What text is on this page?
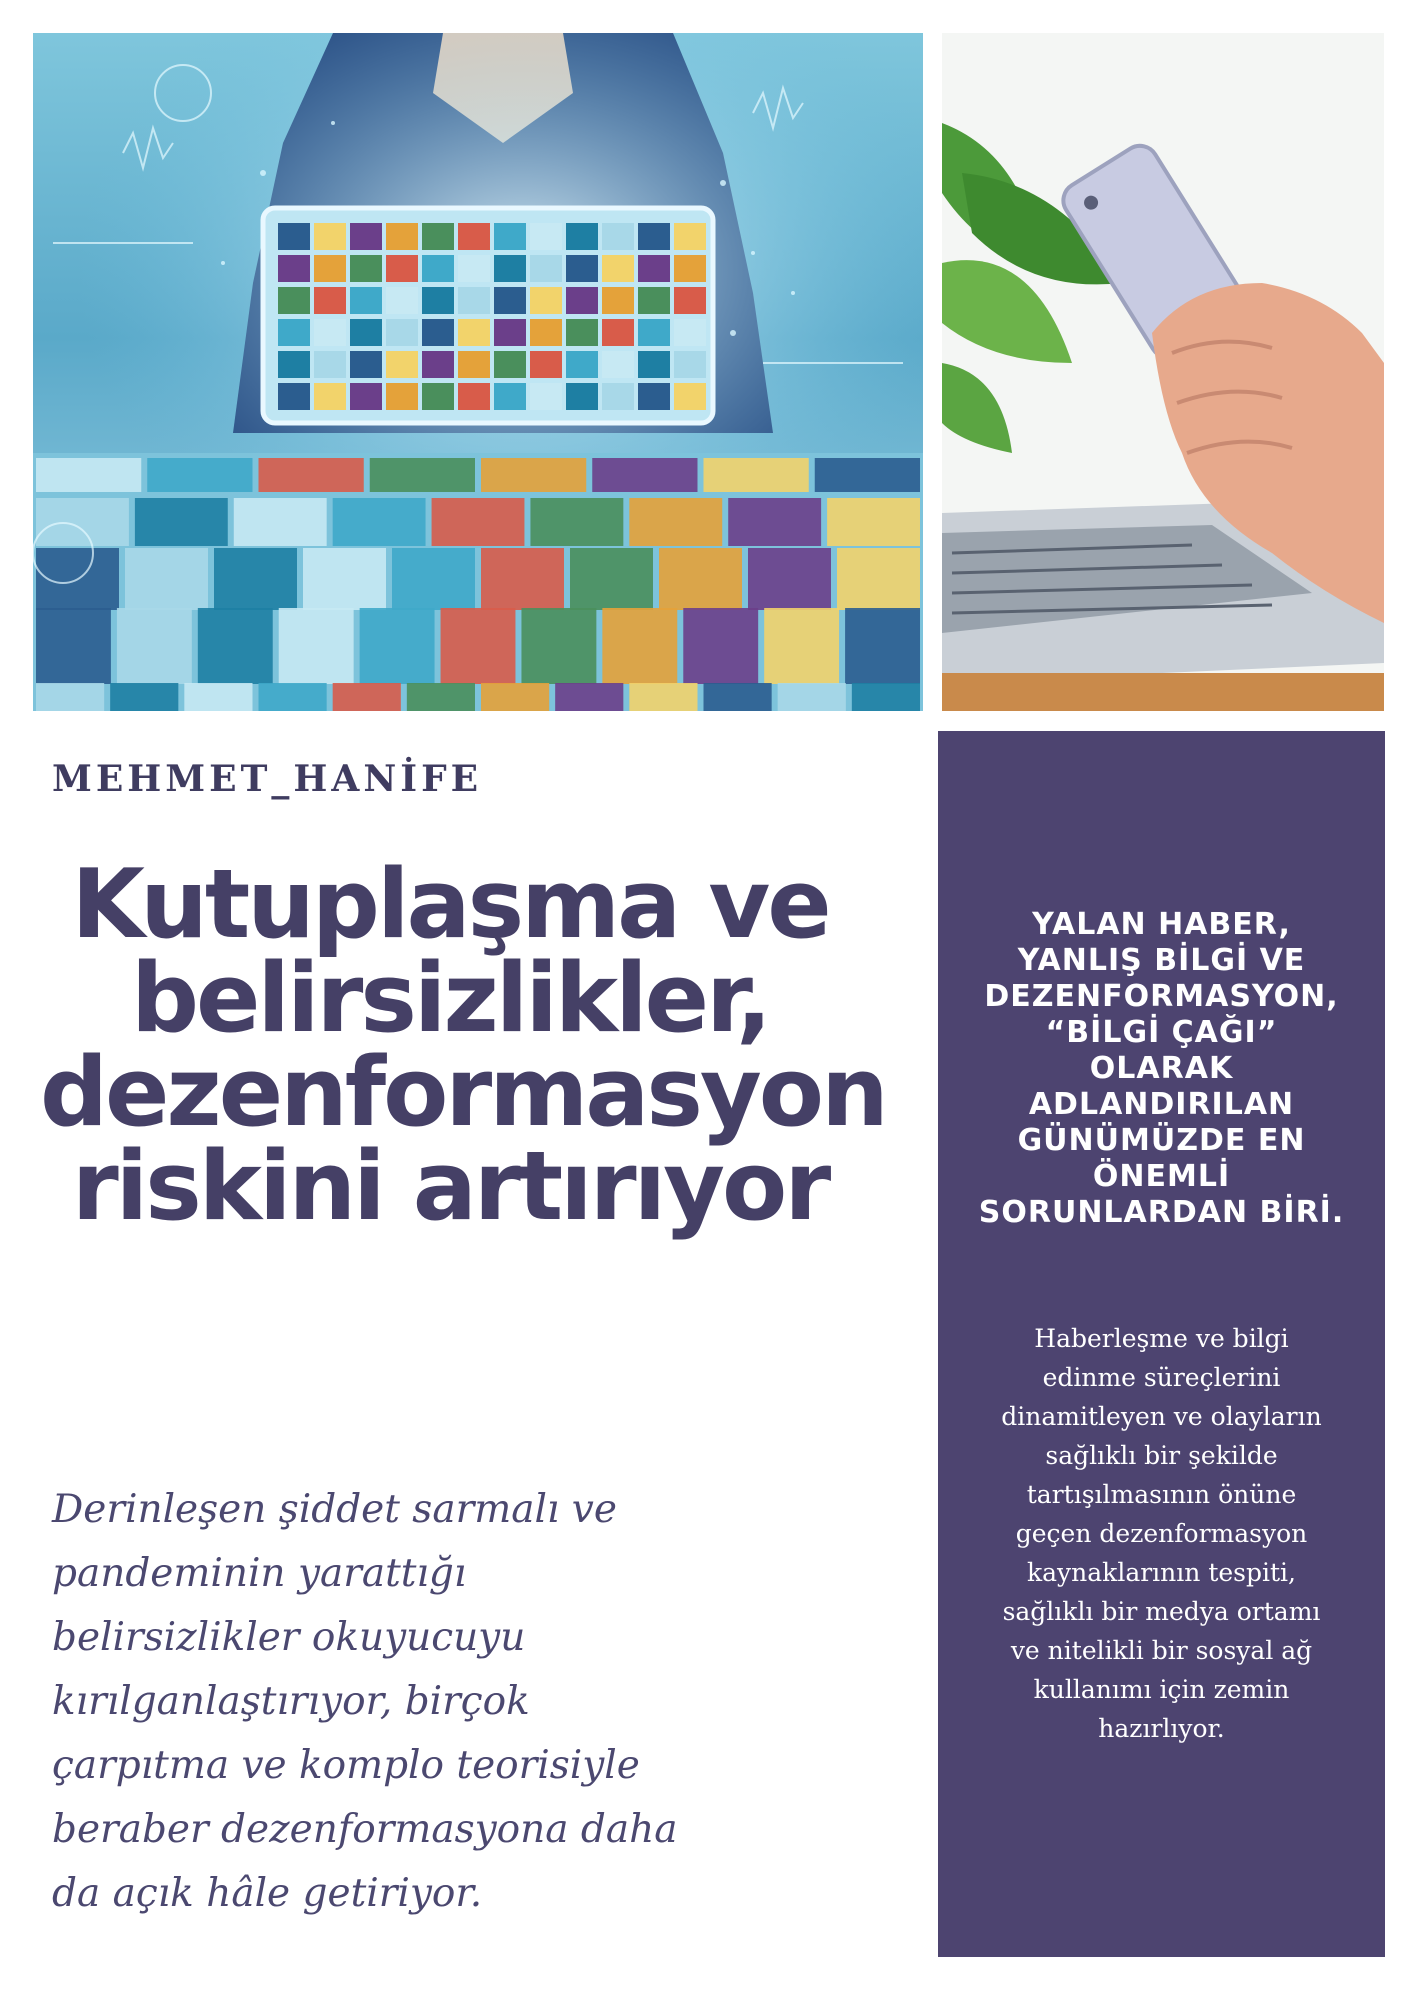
MEHMET_HANİFE
Kutuplaşma ve
belirsizlikler,
dezenformasyon
riskini artırıyor

Derinleşen şiddet sarmalı ve
pandeminin yarattığı
belirsizlikler okuyucuyu
kırılganlaştırıyor, birçok
çarpıtma ve komplo teorisiyle
beraber dezenformasyona daha
da açık hâle getiriyor.

YALAN HABER,
YANLIŞ BİLGİ VE
DEZENFORMASYON,
“BİLGİ ÇAĞI”
OLARAK
ADLANDIRILAN
GÜNÜMÜZDE EN
ÖNEMLİ
SORUNLARDAN BİRİ.
Haberleşme ve bilgi
edinme süreçlerini
dinamitleyen ve olayların
sağlıklı bir şekilde
tartışılmasının önüne
geçen dezenformasyon
kaynaklarının tespiti,
sağlıklı bir medya ortamı
ve nitelikli bir sosyal ağ
kullanımı için zemin
hazırlıyor.
